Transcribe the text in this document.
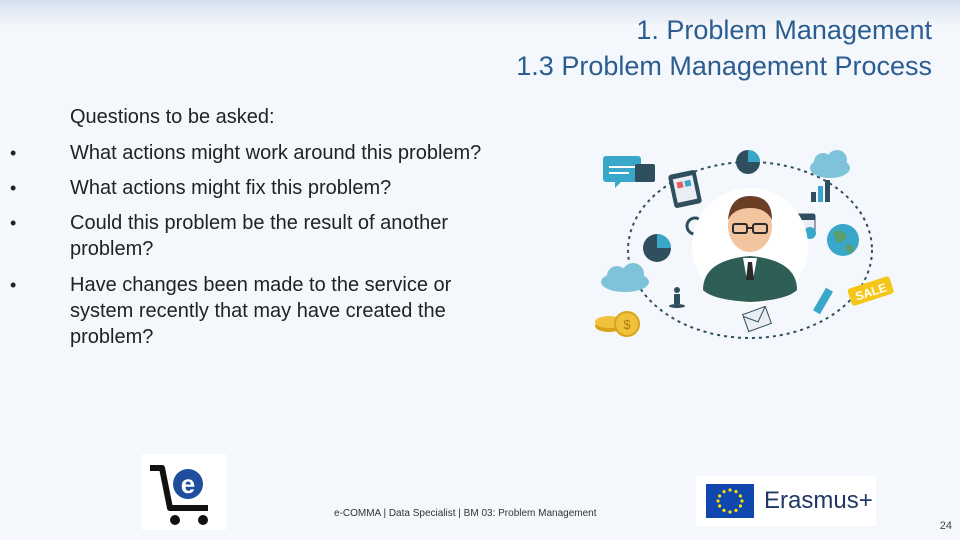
1. Problem Management
1.3 Problem Management Process
Questions to be asked:
•	What actions might work around this problem?
•	What actions might fix this problem?
•	Could this problem be the result of another problem?
•	Have changes been made to the service or system recently that may have created the problem?
SALE
$
e
e-COMMA | Data Specialist | BM 03: Problem Management	Erasmus+
24
